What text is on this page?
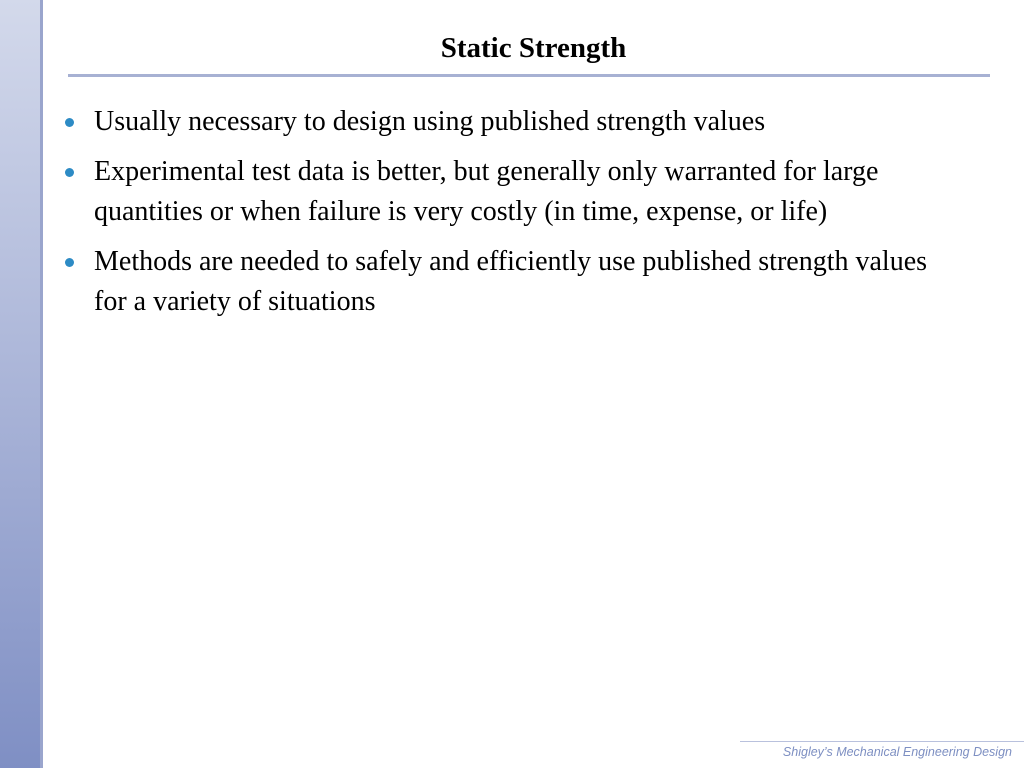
Static Strength
Usually necessary to design using published strength values
Experimental test data is better, but generally only warranted for large quantities or when failure is very costly (in time, expense, or life)
Methods are needed to safely and efficiently use published strength values for a variety of situations
Shigley’s Mechanical Engineering Design
